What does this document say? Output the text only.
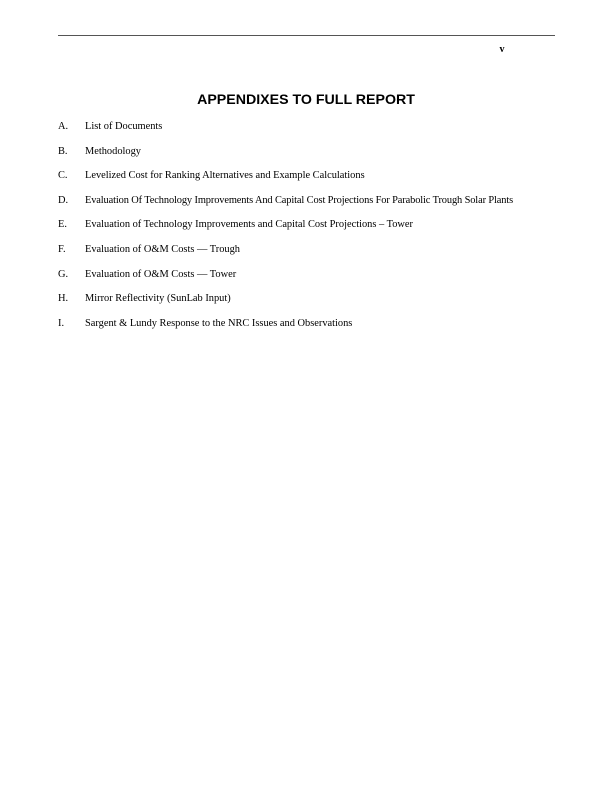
v
APPENDIXES TO FULL REPORT
A.	List of Documents
B.	Methodology
C.	Levelized Cost for Ranking Alternatives and Example Calculations
D.	Evaluation Of Technology Improvements And Capital Cost Projections For Parabolic Trough Solar Plants
E.	Evaluation of Technology Improvements and Capital Cost Projections – Tower
F.	Evaluation of O&M Costs — Trough
G.	Evaluation of O&M Costs — Tower
H.	Mirror Reflectivity (SunLab Input)
I.	Sargent & Lundy Response to the NRC Issues and Observations
